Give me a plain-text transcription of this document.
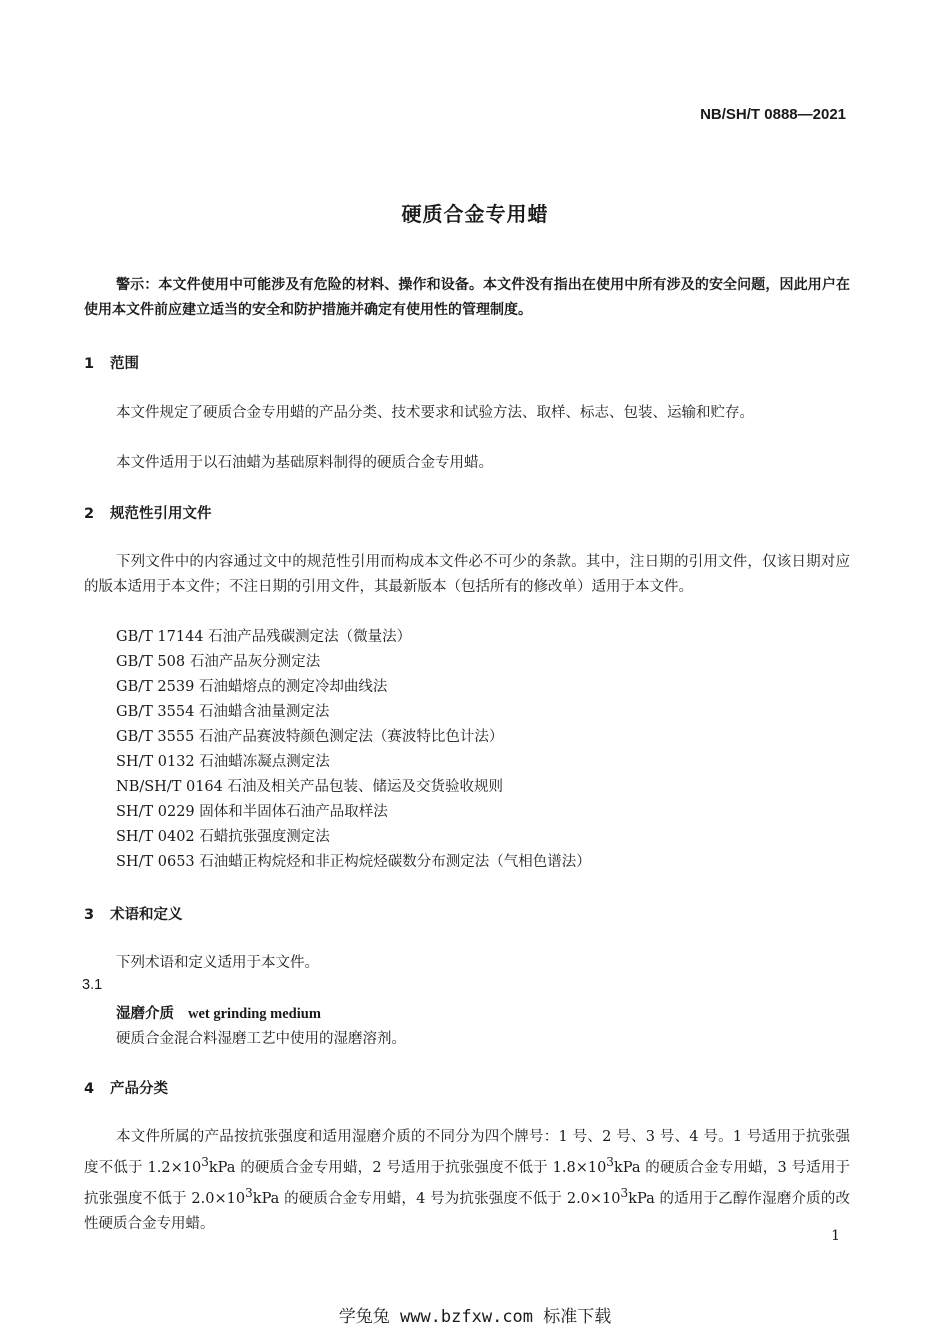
NB/SH/T 0888—2021
硬质合金专用蜡
警示：本文件使用中可能涉及有危险的材料、操作和设备。本文件没有指出在使用中所有涉及的安全问题，因此用户在使用本文件前应建立适当的安全和防护措施并确定有使用性的管理制度。
1 范围
本文件规定了硬质合金专用蜡的产品分类、技术要求和试验方法、取样、标志、包装、运输和贮存。
本文件适用于以石油蜡为基础原料制得的硬质合金专用蜡。
2 规范性引用文件
下列文件中的内容通过文中的规范性引用而构成本文件必不可少的条款。其中，注日期的引用文件，仅该日期对应的版本适用于本文件；不注日期的引用文件，其最新版本（包括所有的修改单）适用于本文件。
GB/T 17144 石油产品残碳测定法（微量法）
GB/T 508 石油产品灰分测定法
GB/T 2539 石油蜡熔点的测定冷却曲线法
GB/T 3554 石油蜡含油量测定法
GB/T 3555 石油产品赛波特颜色测定法（赛波特比色计法）
SH/T 0132 石油蜡冻凝点测定法
NB/SH/T 0164 石油及相关产品包装、储运及交货验收规则
SH/T 0229 固体和半固体石油产品取样法
SH/T 0402 石蜡抗张强度测定法
SH/T 0653 石油蜡正构烷烃和非正构烷烃碳数分布测定法（气相色谱法）
3 术语和定义
下列术语和定义适用于本文件。
3.1
湿磨介质 wet grinding medium
硬质合金混合料湿磨工艺中使用的湿磨溶剂。
4 产品分类
本文件所属的产品按抗张强度和适用湿磨介质的不同分为四个牌号：1 号、2 号、3 号、4 号。1 号适用于抗张强度不低于 $1.2\times 10^3kPa$ 的硬质合金专用蜡，2 号适用于抗张强度不低于 $1.8\times 10^3kPa$ 的硬质合金专用蜡，3 号适用于抗张强度不低于 $2.0\times 10^3kPa$ 的硬质合金专用蜡，4 号为抗张强度不低于 $2.0\times 10^3kPa$ 的适用于乙醇作湿磨介质的改性硬质合金专用蜡。
1
学兔兔 www.bzfxw.com 标准下载
